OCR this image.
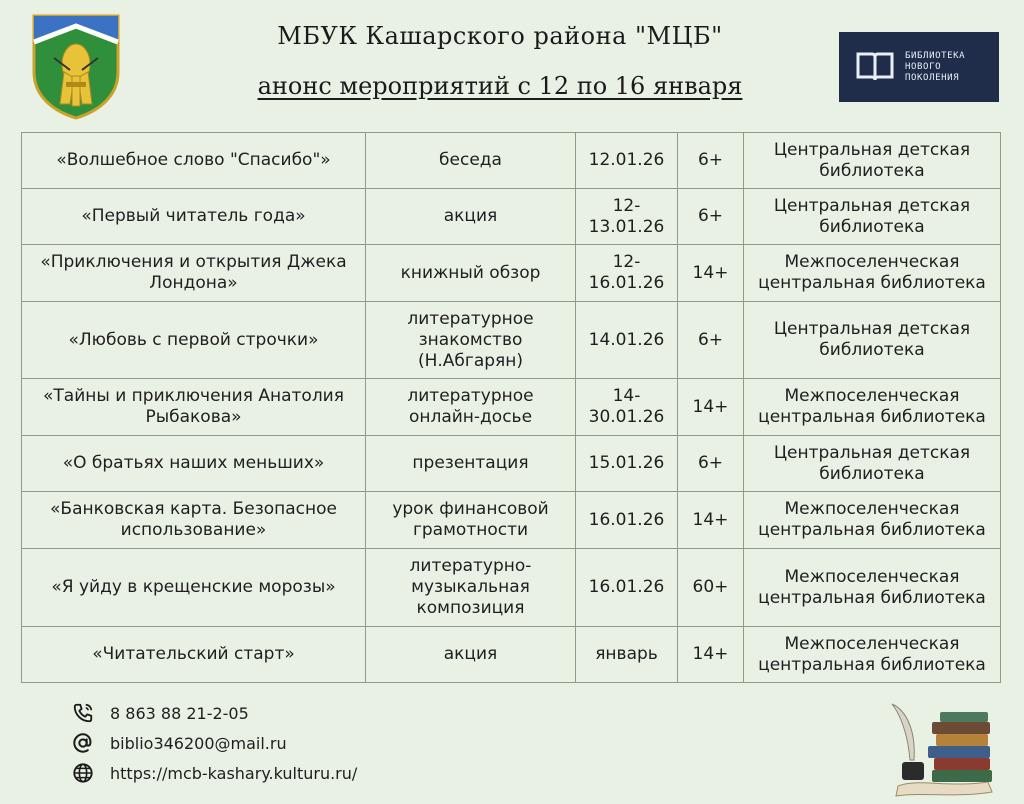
МБУК Кашарского района "МЦБ"
анонс мероприятий с 12 по 16 января
БИБЛИОТЕКА
НОВОГО
ПОКОЛЕНИЯ
«Волшебное слово "Спасибо"»	беседа	12.01.26	6+	Центральная детская библиотека
«Первый читатель года»	акция	12-13.01.26	6+	Центральная детская библиотека
«Приключения и открытия Джека Лондона»	книжный обзор	12-16.01.26	14+	Межпоселенческая центральная библиотека
«Любовь с первой строчки»	литературное знакомство (Н.Абгарян)	14.01.26	6+	Центральная детская библиотека
«Тайны и приключения Анатолия Рыбакова»	литературное онлайн-досье	14-30.01.26	14+	Межпоселенческая центральная библиотека
«О братьях наших меньших»	презентация	15.01.26	6+	Центральная детская библиотека
«Банковская карта. Безопасное использование»	урок финансовой грамотности	16.01.26	14+	Межпоселенческая центральная библиотека
«Я уйду в крещенские морозы»	литературно-музыкальная композиция	16.01.26	60+	Межпоселенческая центральная библиотека
«Читательский старт»	акция	январь	14+	Межпоселенческая центральная библиотека
8 863 88 21-2-05
biblio346200@mail.ru
https://mcb-kashary.kulturu.ru/
